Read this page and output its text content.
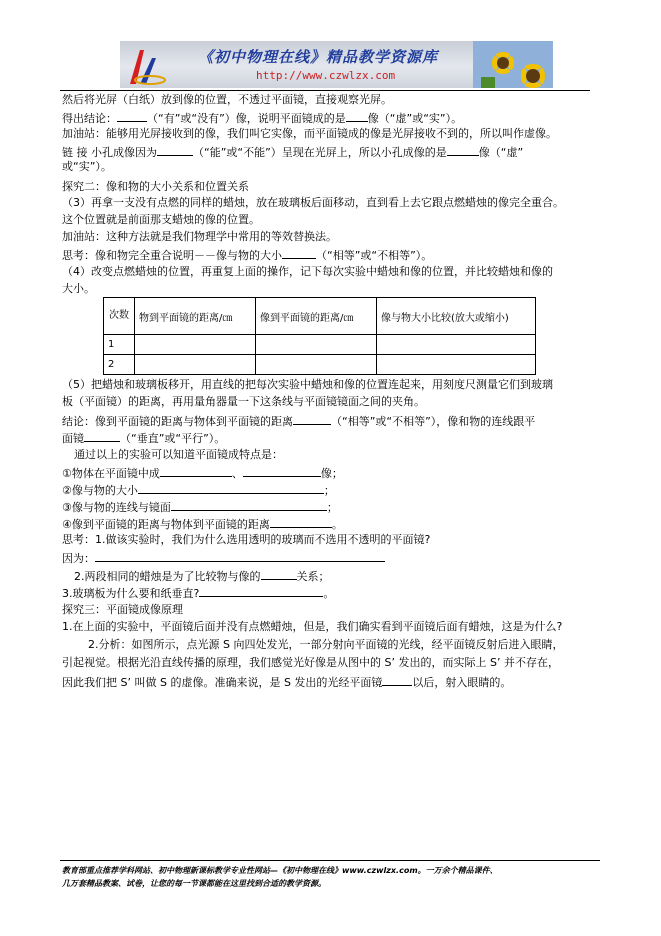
《初中物理在线》精品教学资源库
http://www.czwlzx.com
然后将光屏（白纸）放到像的位置，不透过平面镜，直接观察光屏。
得出结论：	（“有”或“没有”）像，说明平面镜成的是 像（“虚”或“实”）。
加油站：能够用光屏接收到的像，我们叫它实像，而平面镜成的像是光屏接收不到的，所以叫作虚像。
链 接 小孔成像因为	（“能”或“不能”）呈现在光屏上，所以小孔成像的是	像（“虚”
或“实”）。
探究二：像和物的大小关系和位置关系
（3）再拿一支没有点燃的同样的蜡烛，放在玻璃板后面移动，直到看上去它跟点燃蜡烛的像完全重合。
这个位置就是前面那支蜡烛的像的位置。
加油站：这种方法就是我们物理学中常用的等效替换法。
思考：像和物完全重合说明－－像与物的大小	（“相等”或“不相等”）。
（4）改变点燃蜡烛的位置，再重复上面的操作，记下每次实验中蜡烛和像的位置，并比较蜡烛和像的
大小。
次数	物到平面镜的距离/㎝	像到平面镜的距离/㎝	像与物大小比较(放大或缩小)
1			
2			
（5）把蜡烛和玻璃板移开，用直线的把每次实验中蜡烛和像的位置连起来，用刻度尺测量它们到玻璃
板（平面镜）的距离，再用量角器量一下这条线与平面镜镜面之间的夹角。
结论：像到平面镜的距离与物体到平面镜的距离	（“相等”或“不相等”），像和物的连线跟平
面镜	（“垂直”或“平行”）。
通过以上的实验可以知道平面镜成特点是：
①物体在平面镜中成	、	像；
②像与物的大小	；
③像与物的连线与镜面	；
④像到平面镜的距离与物体到平面镜的距离	。
思考：1.做该实验时，我们为什么选用透明的玻璃而不选用不透明的平面镜?
因为：
2.两段相同的蜡烛是为了比较物与像的	关系；
3.玻璃板为什么要和纸垂直?	。
探究三：平面镜成像原理
1.在上面的实验中，平面镜后面并没有点燃蜡烛，但是，我们确实看到平面镜后面有蜡烛，这是为什么?
2.分析：如图所示，点光源 S 向四处发光，一部分射向平面镜的光线，经平面镜反射后进入眼睛，
引起视觉。根据光沿直线传播的原理，我们感觉光好像是从图中的 S’ 发出的，而实际上 S’ 并不存在，
因此我们把 S’ 叫做 S 的虚像。准确来说，是 S 发出的光经平面镜	以后，射入眼睛的。
教育部重点推荐学科网站、初中物理新课标教学专业性网站—《初中物理在线》www.czwlzx.com。一万余个精品课件、
几万套精品教案、试卷，让您的每一节课都能在这里找到合适的教学资源。
